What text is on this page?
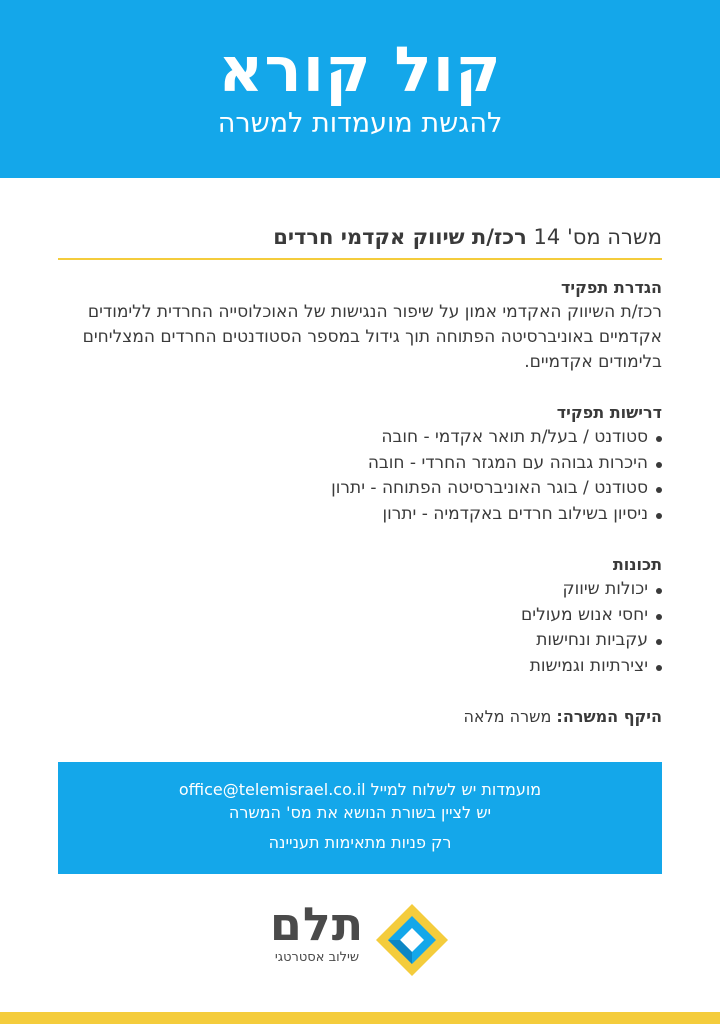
קול קורא
להגשת מועמדות למשרה
משרה מס' 14 רכז/ת שיווק אקדמי חרדים
הגדרת תפקיד
רכז/ת השיווק האקדמי אמון על שיפור הנגישות של האוכלוסייה החרדית ללימודים אקדמיים באוניברסיטה הפתוחה תוך גידול במספר הסטודנטים החרדים המצליחים בלימודים אקדמיים.
דרישות תפקיד
סטודנט / בעל/ת תואר אקדמי - חובה
היכרות גבוהה עם המגזר החרדי - חובה
סטודנט / בוגר האוניברסיטה הפתוחה - יתרון
ניסיון בשילוב חרדים באקדמיה - יתרון
תכונות
יכולות שיווק
יחסי אנוש מעולים
עקביות ונחישות
יצירתיות וגמישות
היקף המשרה: משרה מלאה
מועמדות יש לשלוח למייל office@telemisrael.co.il
יש לציין בשורת הנושא את מס' המשרה
רק פניות מתאימות תעניינה
תלם
שילוב אסטרטגי
